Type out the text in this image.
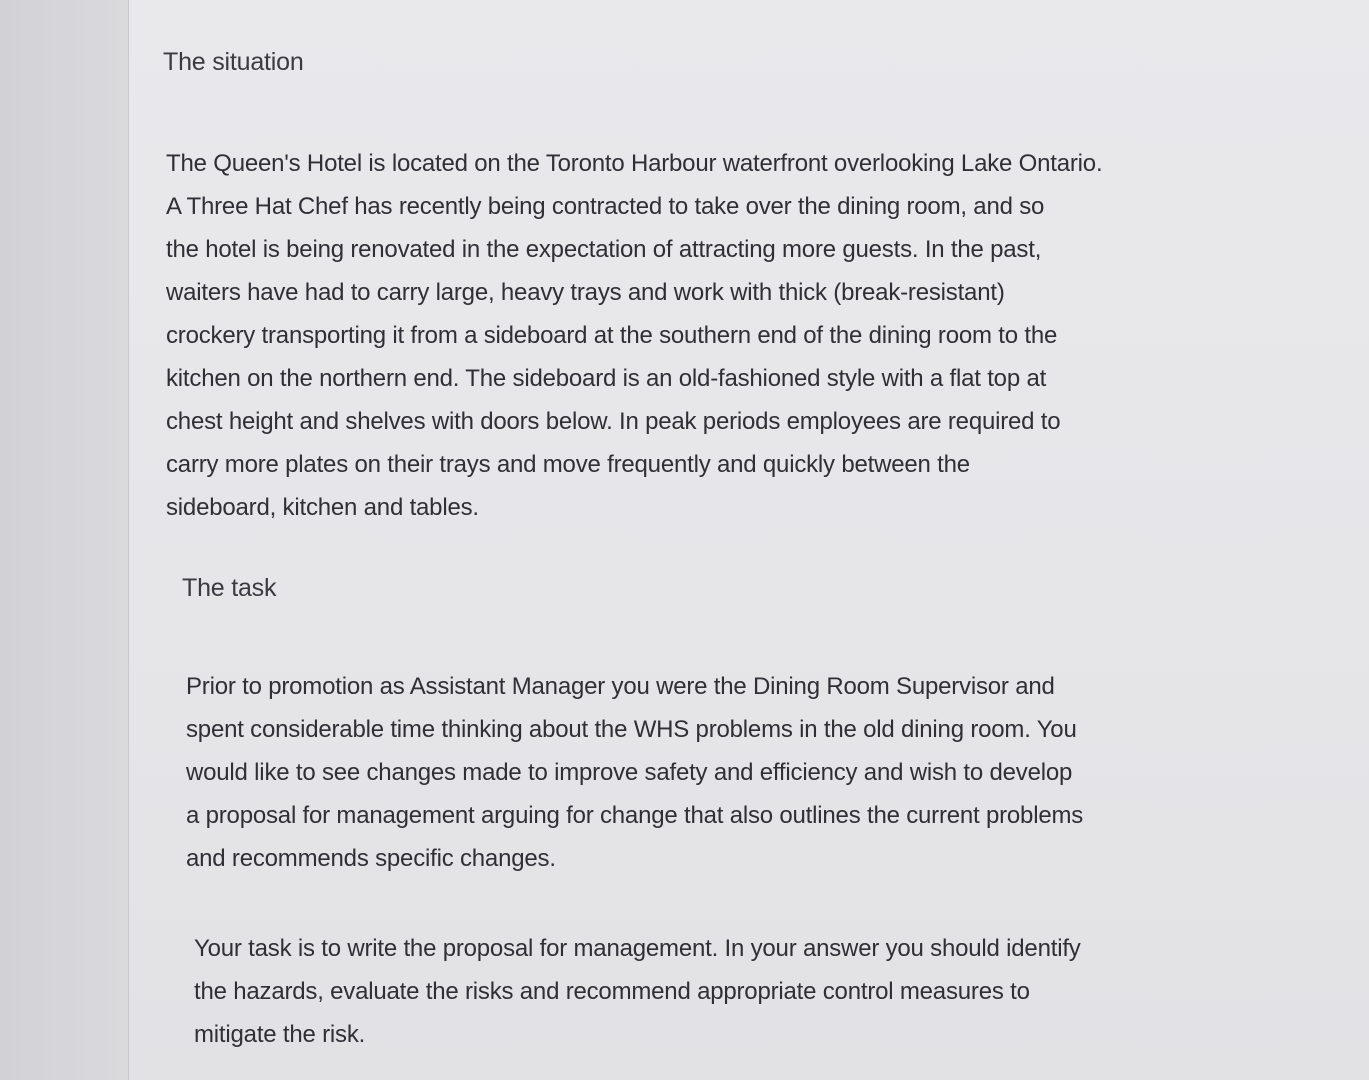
The situation
The Queen's Hotel is located on the Toronto Harbour waterfront overlooking Lake Ontario.
A Three Hat Chef has recently being contracted to take over the dining room, and so
the hotel is being renovated in the expectation of attracting more guests. In the past,
waiters have had to carry large, heavy trays and work with thick (break-resistant)
crockery transporting it from a sideboard at the southern end of the dining room to the
kitchen on the northern end. The sideboard is an old-fashioned style with a flat top at
chest height and shelves with doors below. In peak periods employees are required to
carry more plates on their trays and move frequently and quickly between the
sideboard, kitchen and tables.
The task
Prior to promotion as Assistant Manager you were the Dining Room Supervisor and
spent considerable time thinking about the WHS problems in the old dining room. You
would like to see changes made to improve safety and efficiency and wish to develop
a proposal for management arguing for change that also outlines the current problems
and recommends specific changes.
Your task is to write the proposal for management. In your answer you should identify
the hazards, evaluate the risks and recommend appropriate control measures to
mitigate the risk.
